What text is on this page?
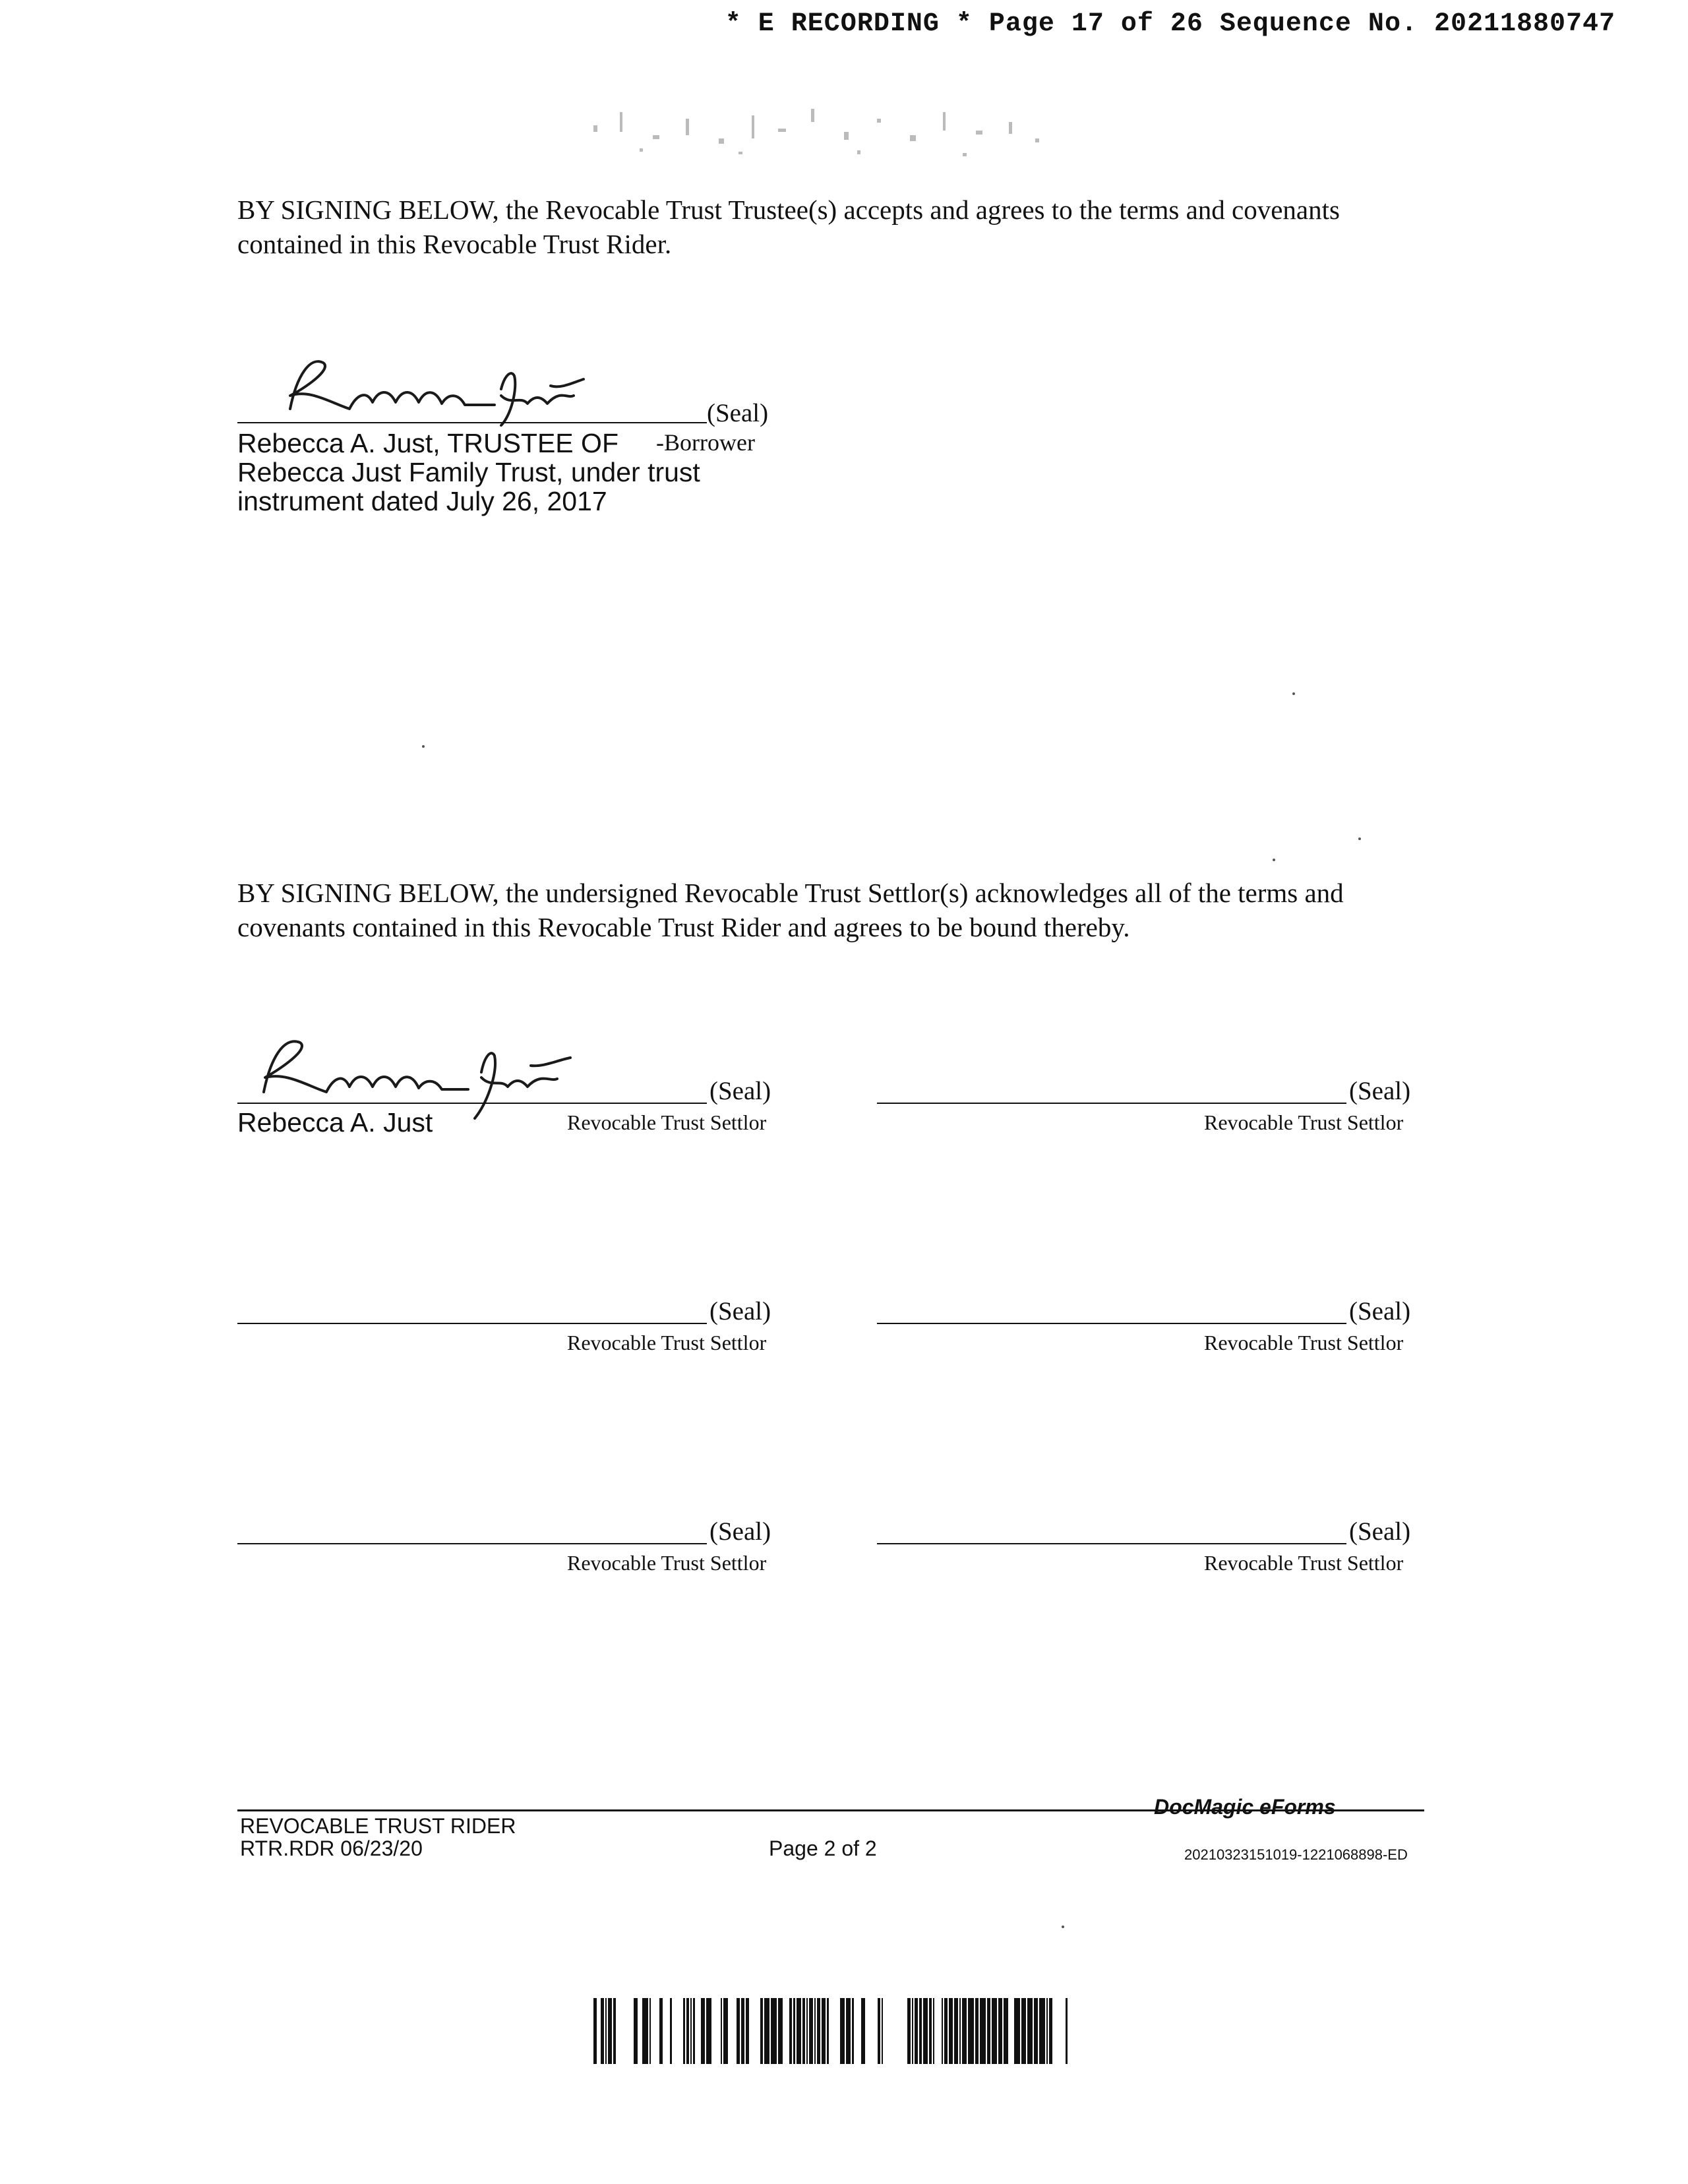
* E RECORDING * Page 17 of 26 Sequence No. 20211880747
BY SIGNING BELOW, the Revocable Trust Trustee(s) accepts and agrees to the terms and covenants contained in this Revocable Trust Rider.
(Seal)
Rebecca A. Just, TRUSTEE OF -Borrower
Rebecca Just Family Trust, under trust
instrument dated July 26, 2017
BY SIGNING BELOW, the undersigned Revocable Trust Settlor(s) acknowledges all of the terms and covenants contained in this Revocable Trust Rider and agrees to be bound thereby.
(Seal)
Rebecca A. Just	Revocable Trust Settlor
(Seal)
Revocable Trust Settlor
(Seal)
Revocable Trust Settlor
(Seal)
Revocable Trust Settlor
(Seal)
Revocable Trust Settlor
(Seal)
Revocable Trust Settlor
REVOCABLE TRUST RIDER
RTR.RDR 06/23/20	Page 2 of 2
DocMagic eForms
20210323151019-1221068898-ED
